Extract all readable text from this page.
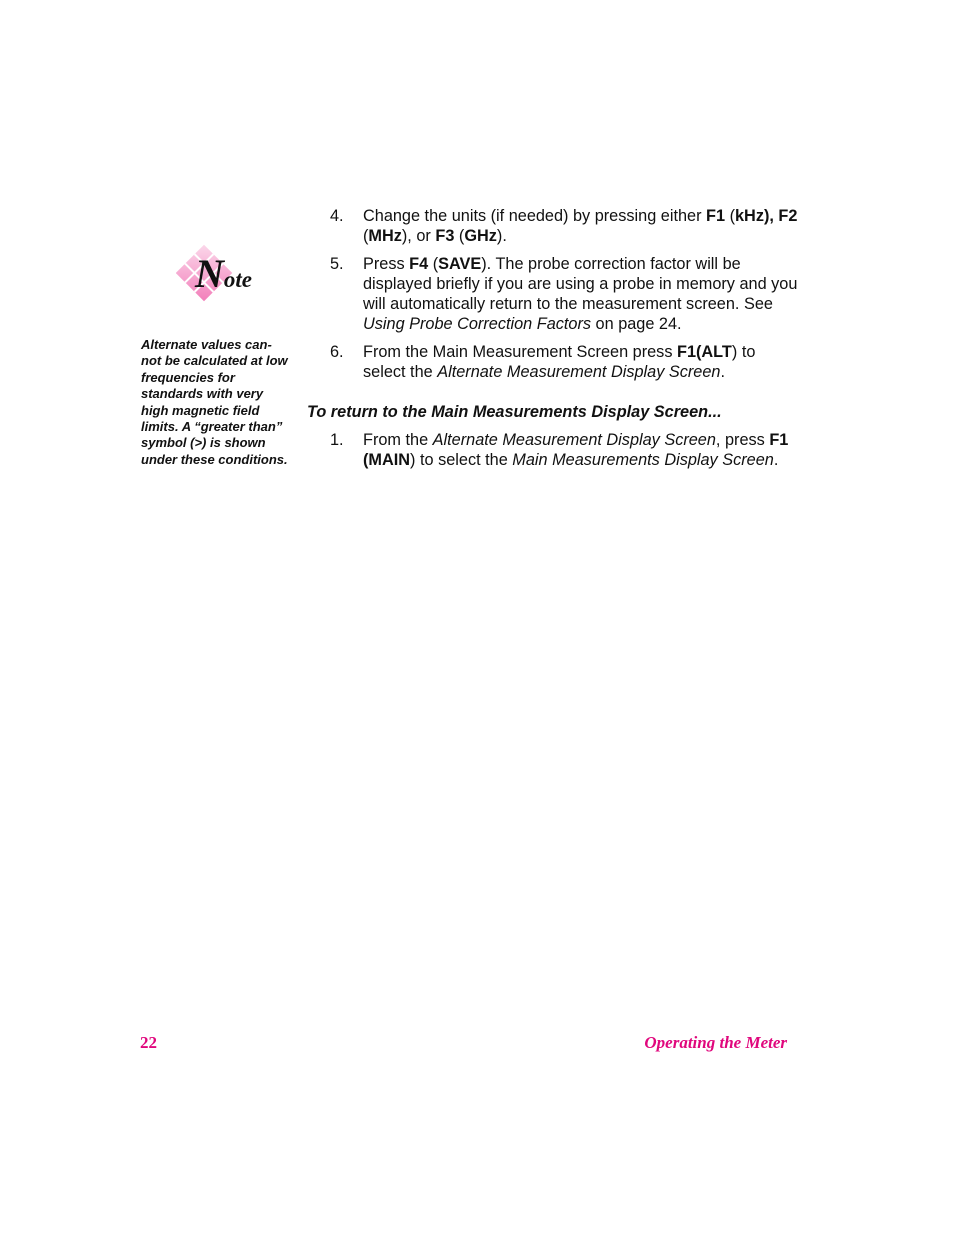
Note
Alternate values can-not be calculated at low frequencies for standards with very high magnetic field limits. A “greater than” symbol (>) is shown under these conditions.
4. Change the units (if needed) by pressing either F1 (kHz), F2 (MHz), or F3 (GHz).
5. Press F4 (SAVE). The probe correction factor will be displayed briefly if you are using a probe in memory and you will automatically return to the measurement screen. See Using Probe Correction Factors on page 24.
6. From the Main Measurement Screen press F1(ALT) to select the Alternate Measurement Display Screen.
To return to the Main Measurements Display Screen...
1. From the Alternate Measurement Display Screen, press F1 (MAIN) to select the Main Measurements Display Screen.
22	Operating the Meter
